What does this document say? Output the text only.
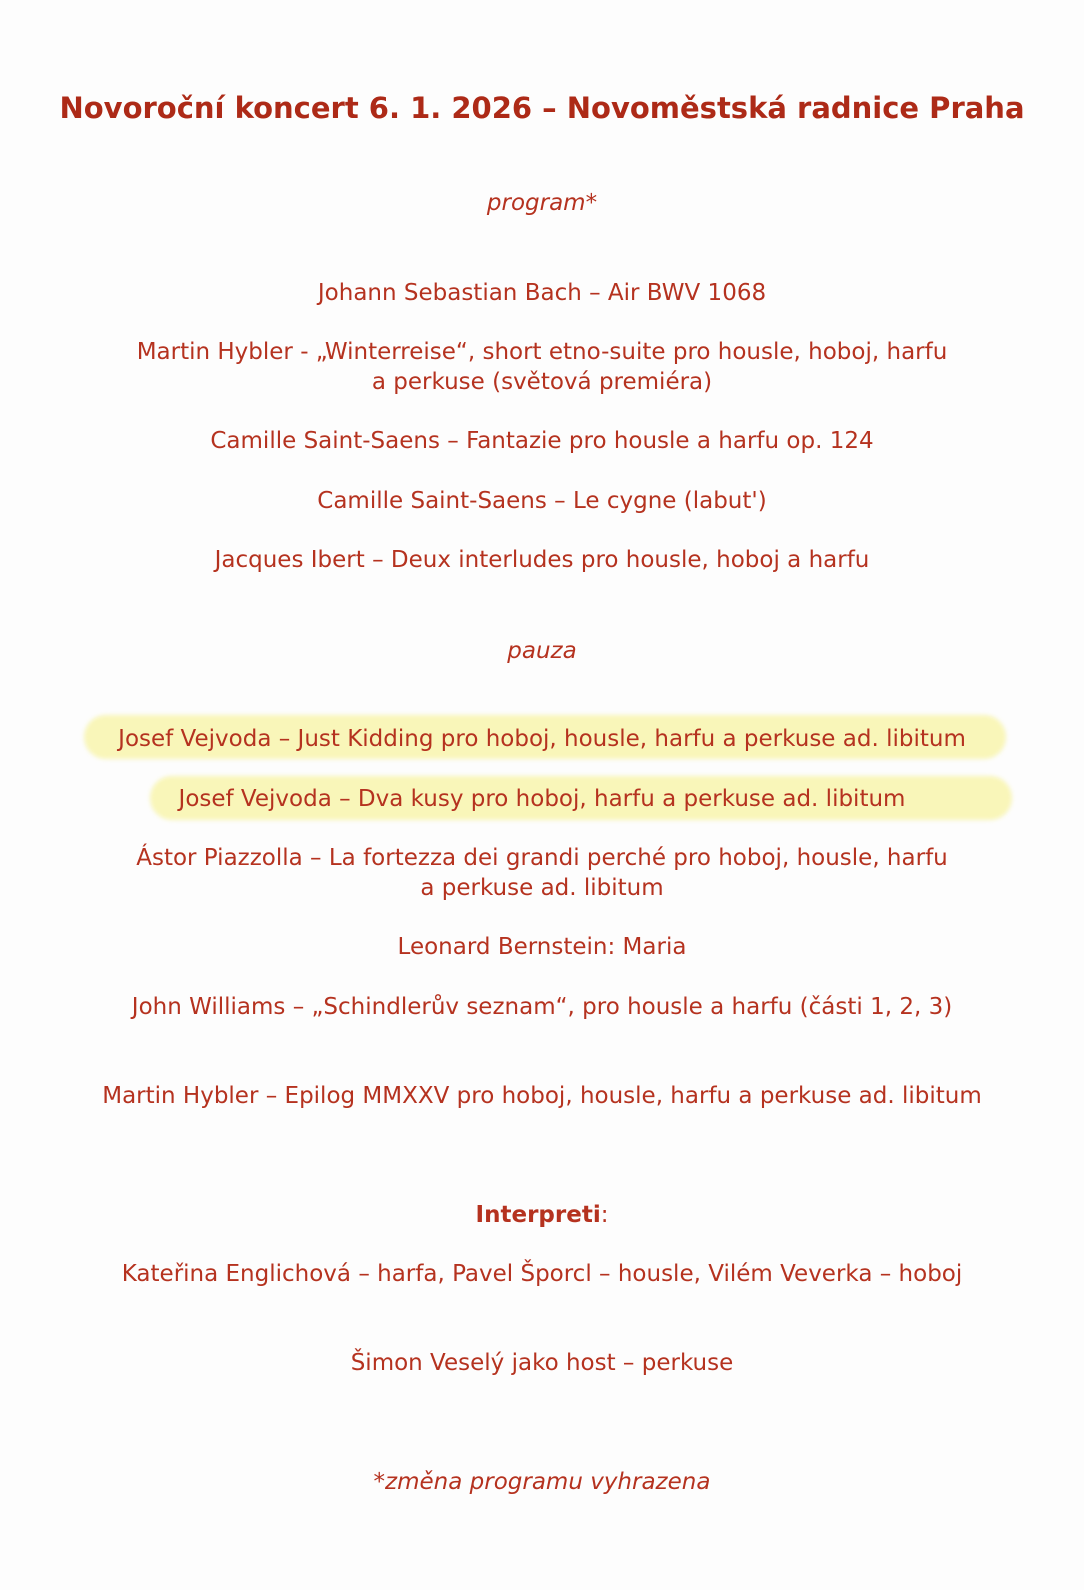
Novoroční koncert 6. 1. 2026 – Novoměstská radnice Praha
program*
Johann Sebastian Bach – Air BWV 1068
Martin Hybler - „Winterreise“, short etno-suite pro housle, hoboj, harfu
a perkuse (světová premiéra)
Camille Saint-Saens – Fantazie pro housle a harfu op. 124
Camille Saint-Saens – Le cygne (labut')
Jacques Ibert – Deux interludes pro housle, hoboj a harfu
pauza
Josef Vejvoda – Just Kidding pro hoboj, housle, harfu a perkuse ad. libitum
Josef Vejvoda – Dva kusy pro hoboj, harfu a perkuse ad. libitum
Ástor Piazzolla – La fortezza dei grandi perché pro hoboj, housle, harfu
a perkuse ad. libitum
Leonard Bernstein: Maria
John Williams – „Schindlerův seznam“, pro housle a harfu (části 1, 2, 3)
Martin Hybler – Epilog MMXXV pro hoboj, housle, harfu a perkuse ad. libitum
Interpreti:
Kateřina Englichová – harfa, Pavel Šporcl – housle, Vilém Veverka – hoboj
Šimon Veselý jako host – perkuse
*změna programu vyhrazena
